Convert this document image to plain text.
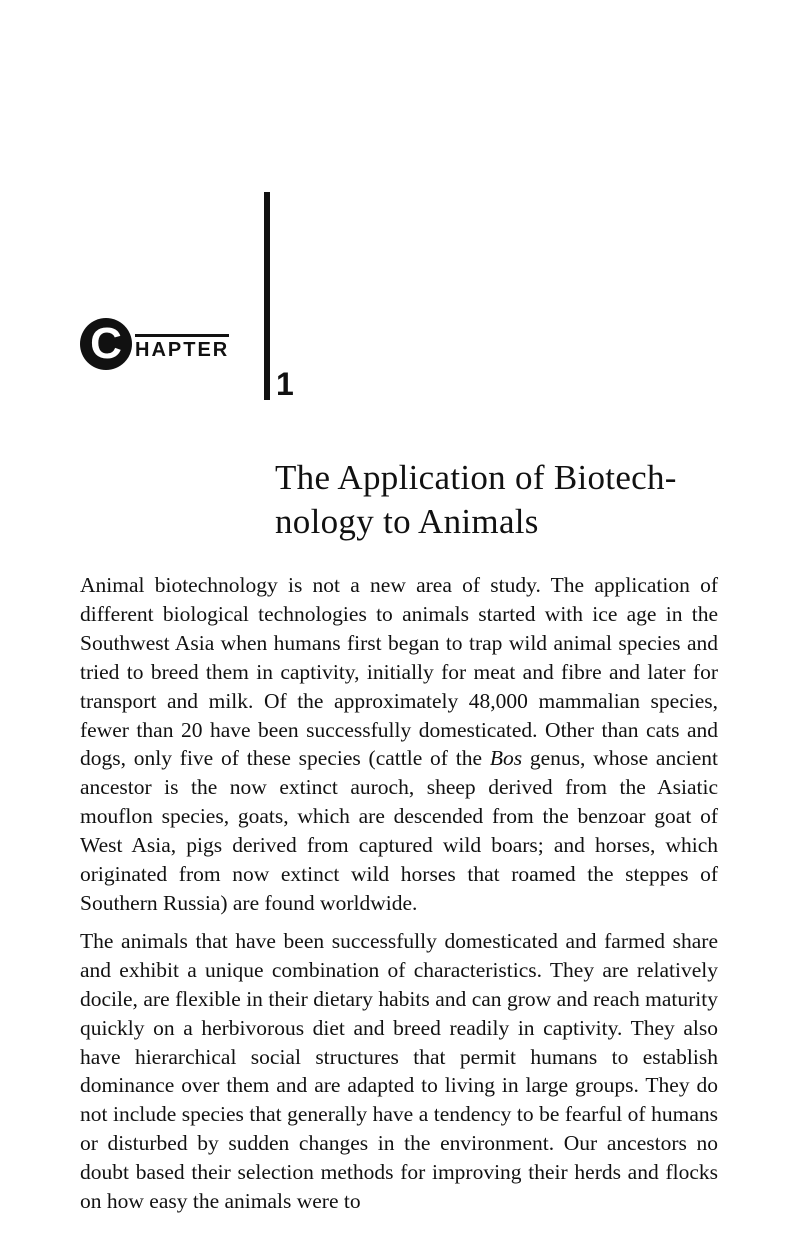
C HAPTER
1
The Application of Biotech-nology to Animals

Animal biotechnology is not a new area of study. The application of different biological technologies to animals started with ice age in the Southwest Asia when humans first began to trap wild animal species and tried to breed them in captivity, initially for meat and fibre and later for transport and milk. Of the approximately 48,000 mammalian species, fewer than 20 have been successfully domesticated. Other than cats and dogs, only five of these species (cattle of the Bos genus, whose ancient ancestor is the now extinct auroch, sheep derived from the Asiatic mouflon species, goats, which are descended from the benzoar goat of West Asia, pigs derived from captured wild boars; and horses, which originated from now extinct wild horses that roamed the steppes of Southern Russia) are found worldwide.

The animals that have been successfully domesticated and farmed share and exhibit a unique combination of characteristics. They are relatively docile, are flexible in their dietary habits and can grow and reach maturity quickly on a herbivorous diet and breed readily in captivity. They also have hierarchical social structures that permit humans to establish dominance over them and are adapted to living in large groups. They do not include species that generally have a tendency to be fearful of humans or disturbed by sudden changes in the environment. Our ancestors no doubt based their selection methods for improving their herds and flocks on how easy the animals were to
